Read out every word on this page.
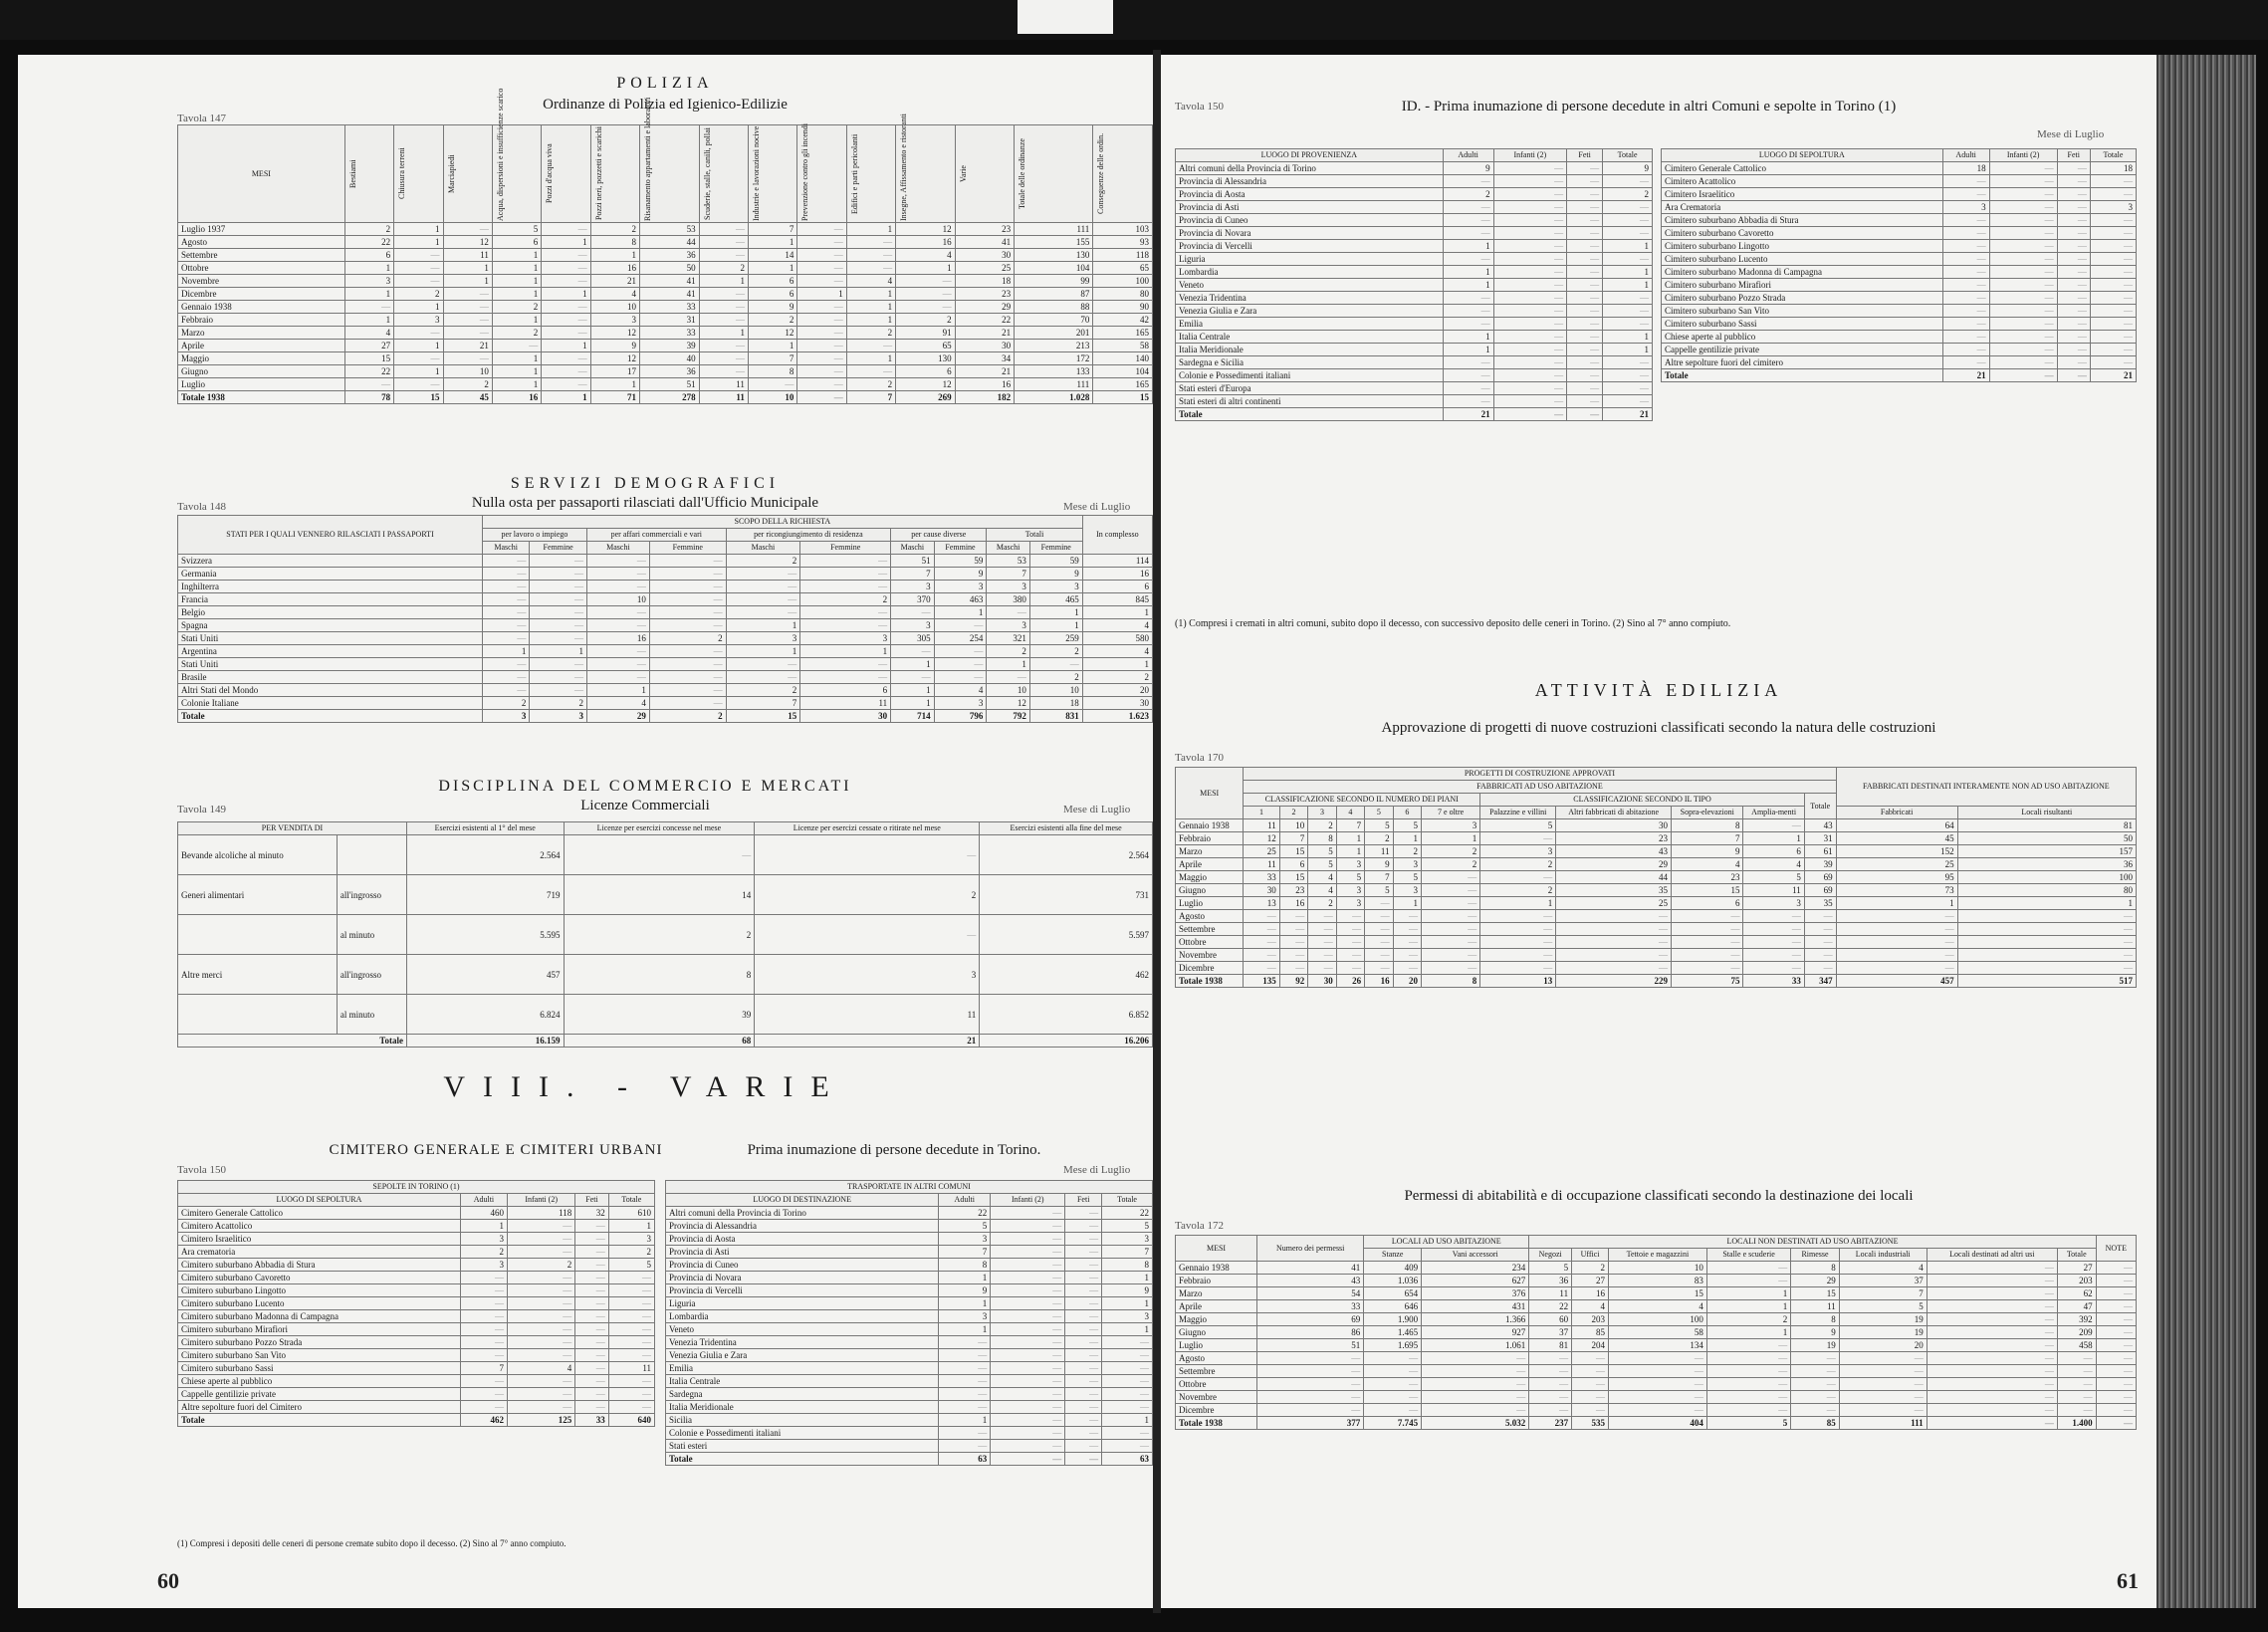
Tavola 147
POLIZIA
Ordinanze di Polizia ed Igienico-Edilizie
MESI	Bestiami	Chiusura terreni	Marciapiedi	Acqua, dispersioni e insufficienze scarico	Pozzi d'acqua viva	Pozzi neri, pozzetti e scarichi	Risanamento appartamenti e laboratori	Scuderie, stalle, canili, pollai	Industrie e lavorazioni nocive	Prevenzione contro gli incendi	Edifici e parti pericolanti	Insegne, Affissamento e ristoranti	Varie	Totale delle ordinanze	Conseguenze delle ordin.

Luglio 1937	2	1	—	5	—	2	53	—	7	—	1	12	23	111	103
Agosto	22	1	12	6	1	8	44	—	1	—	—	16	41	155	93
Settembre	6	—	11	1	—	1	36	—	14	—	—	4	30	130	118
Ottobre	1	—	1	1	—	16	50	2	1	—	—	1	25	104	65
Novembre	3	—	1	1	—	21	41	1	6	—	4	—	18	99	100
Dicembre	1	2	—	1	1	4	41	—	6	1	1	—	23	87	80
Gennaio 1938	—	1	—	2	—	10	33	—	9	—	1	—	29	88	90
Febbraio	1	3	—	1	—	3	31	—	2	—	1	2	22	70	42
Marzo	4	—	—	2	—	12	33	1	12	—	2	91	21	201	165
Aprile	27	1	21	—	1	9	39	—	1	—	—	65	30	213	58
Maggio	15	—	—	1	—	12	40	—	7	—	1	130	34	172	140
Giugno	22	1	10	1	—	17	36	—	8	—	—	6	21	133	104
Luglio	—	—	2	1	—	1	51	11	—	—	2	12	16	111	165
Totale 1938	78	15	45	16	1	71	278	11	10	—	7	269	182	1.028	15
SERVIZI DEMOGRAFICI
Nulla osta per passaporti rilasciati dall'Ufficio Municipale
Tavola 148	Mese di Luglio
STATI PER I QUALI VENNERO RILASCIATI I PASSAPORTI	SCOPO DELLA RICHIESTA										In complesso
	per lavoro o impiego		per affari commerciali e vari		per ricongiungimento di residenza		per cause diverse		Totali		
	Maschi	Femmine	Maschi	Femmine	Maschi	Femmine	Maschi	Femmine	Maschi	Femmine	
Svizzera	—	—	—	—	2	—	51	59	53	59	114
Germania	—	—	—	—	—	—	7	9	7	9	16
Inghilterra	—	—	—	—	—	—	3	3	3	3	6
Francia	—	—	10	—	—	2	370	463	380	465	845
Belgio	—	—	—	—	—	—	—	1	—	1	1
Spagna	—	—	—	—	1	—	3	—	3	1	4
Stati Uniti	—	—	16	2	3	3	305	254	321	259	580
Argentina	1	1	—	—	1	1	—	—	2	2	4
Stati Uniti	—	—	—	—	—	—	1	—	1	—	1
Brasile	—	—	—	—	—	—	—	—	—	2	2
Altri Stati del Mondo	—	—	1	—	2	6	1	4	10	10	20
Colonie Italiane	2	2	4	—	7	11	1	3	12	18	30
Totale	3	3	29	2	15	30	714	796	792	831	1.623
DISCIPLINA DEL COMMERCIO E MERCATI
Licenze Commerciali
Tavola 149	Mese di Luglio
PER VENDITA DI		Esercizi esistenti al 1° del mese	Licenze per esercizi concesse nel mese	Licenze per esercizi cessate o ritirate nel mese	Esercizi esistenti alla fine del mese
Bevande alcoliche al minuto		2.564	—	—	2.564
Generi alimentari	all'ingrosso	719	14	2	731
	al minuto	5.595	2	—	5.597
Altre merci	all'ingrosso	457	8	3	462
	al minuto	6.824	39	11	6.852
Totale		16.159	68	21	16.206
VIII. - VARIE
CIMITERO GENERALE E CIMITERI URBANI	Prima inumazione di persone decedute in Torino.
Tavola 150	Mese di Luglio
SEPOLTE IN TORINO (1)				
LUOGO DI SEPOLTURA	Adulti	Infanti (2)	Feti	Totale
Cimitero Generale Cattolico	460	118	32	610
Cimitero Acattolico	1	—	—	1
Cimitero Israelitico	3	—	—	3
Ara crematoria	2	—	—	2
Cimitero suburbano Abbadia di Stura	3	2	—	5
Cimitero suburbano Cavoretto	—	—	—	—
Cimitero suburbano Lingotto	—	—	—	—
Cimitero suburbano Lucento	—	—	—	—
Cimitero suburbano Madonna di Campagna	—	—	—	—
Cimitero suburbano Mirafiori	—	—	—	—
Cimitero suburbano Pozzo Strada	—	—	—	—
Cimitero suburbano San Vito	—	—	—	—
Cimitero suburbano Sassi	7	4	—	11
Chiese aperte al pubblico	—	—	—	—
Cappelle gentilizie private	—	—	—	—
Altre sepolture fuori del Cimitero	—	—	—	—
Totale	462	125	33	640
TRASPORTATE IN ALTRI COMUNI				
LUOGO DI DESTINAZIONE	Adulti	Infanti (2)	Feti	Totale
Altri comuni della Provincia di Torino	22	—	—	22
Provincia di Alessandria	5	—	—	5
Provincia di Aosta	3	—	—	3
Provincia di Asti	7	—	—	7
Provincia di Cuneo	8	—	—	8
Provincia di Novara	1	—	—	1
Provincia di Vercelli	9	—	—	9
Liguria	1	—	—	1
Lombardia	3	—	—	3
Veneto	1	—	—	1
Venezia Tridentina	—	—	—	—
Venezia Giulia e Zara	—	—	—	—
Emilia	—	—	—	—
Italia Centrale	—	—	—	—
Sardegna	—	—	—	—
Italia Meridionale	—	—	—	—
Sicilia	1	—	—	1
Colonie e Possedimenti italiani	—	—	—	—
Stati esteri	—	—	—	—
Totale	63	—	—	63
(1) Compresi i depositi delle ceneri di persone cremate subito dopo il decesso. (2) Sino al 7° anno compiuto.
60
Tavola 150	ID. - Prima inumazione di persone decedute in altri Comuni e sepolte in Torino (1)
Mese di Luglio
LUOGO DI PROVENIENZA	Adulti	Infanti (2)	Feti	Totale
Altri comuni della Provincia di Torino	9	—	—	9
Provincia di Alessandria	—	—	—	—
Provincia di Aosta	2	—	—	2
Provincia di Asti	—	—	—	—
Provincia di Cuneo	—	—	—	—
Provincia di Novara	—	—	—	—
Provincia di Vercelli	1	—	—	1
Liguria	—	—	—	—
Lombardia	1	—	—	1
Veneto	1	—	—	1
Venezia Tridentina	—	—	—	—
Venezia Giulia e Zara	—	—	—	—
Emilia	—	—	—	—
Italia Centrale	1	—	—	1
Italia Meridionale	1	—	—	1
Sardegna e Sicilia	—	—	—	—
Colonie e Possedimenti italiani	—	—	—	—
Stati esteri d'Europa	—	—	—	—
Stati esteri di altri continenti	—	—	—	—
Totale	21	—	—	21
LUOGO DI SEPOLTURA	Adulti	Infanti (2)	Feti	Totale
Cimitero Generale Cattolico	18	—	—	18
Cimitero Acattolico	—	—	—	—
Cimitero Israelitico	—	—	—	—
Ara Crematoria	3	—	—	3
Cimitero suburbano Abbadia di Stura	—	—	—	—
Cimitero suburbano Cavoretto	—	—	—	—
Cimitero suburbano Lingotto	—	—	—	—
Cimitero suburbano Lucento	—	—	—	—
Cimitero suburbano Madonna di Campagna	—	—	—	—
Cimitero suburbano Mirafiori	—	—	—	—
Cimitero suburbano Pozzo Strada	—	—	—	—
Cimitero suburbano San Vito	—	—	—	—
Cimitero suburbano Sassi	—	—	—	—
Chiese aperte al pubblico	—	—	—	—
Cappelle gentilizie private	—	—	—	—
Altre sepolture fuori del cimitero	—	—	—	—
Totale	21	—	—	21
(1) Compresi i cremati in altri comuni, subito dopo il decesso, con successivo deposito delle ceneri in Torino. (2) Sino al 7° anno compiuto.
ATTIVITÀ EDILIZIA
Approvazione di progetti di nuove costruzioni classificati secondo la natura delle costruzioni
Tavola 170
MESI	PROGETTI DI COSTRUZIONE APPROVATI												FABBRICATI DESTINATI INTERAMENTE NON AD USO ABITAZIONE	
	FABBRICATI AD USO ABITAZIONE													
	CLASSIFICAZIONE SECONDO IL NUMERO DEI PIANI							CLASSIFICAZIONE SECONDO IL TIPO				Totale		
	1	2	3	4	5	6	7 e oltre	Palazzine e villini	Altri fabbricati di abitazione	Sopra-elevazioni	Amplia-menti		Fabbricati	Locali risultanti
Gennaio 1938	11	10	2	7	5	5	3	5	30	8	—	43	64	81
Febbraio	12	7	8	1	2	1	1	—	23	7	1	31	45	50
Marzo	25	15	5	1	11	2	2	3	43	9	6	61	152	157
Aprile	11	6	5	3	9	3	2	2	29	4	4	39	25	36
Maggio	33	15	4	5	7	5	—	—	44	23	5	69	95	100
Giugno	30	23	4	3	5	3	—	2	35	15	11	69	73	80
Luglio	13	16	2	3	—	1	—	1	25	6	3	35	1	1
Agosto	—	—	—	—	—	—	—	—	—	—	—	—	—	—
Settembre	—	—	—	—	—	—	—	—	—	—	—	—	—	—
Ottobre	—	—	—	—	—	—	—	—	—	—	—	—	—	—
Novembre	—	—	—	—	—	—	—	—	—	—	—	—	—	—
Dicembre	—	—	—	—	—	—	—	—	—	—	—	—	—	—
Totale 1938	135	92	30	26	16	20	8	13	229	75	33	347	457	517
Permessi di abitabilità e di occupazione classificati secondo la destinazione dei locali
Tavola 172
MESI	Numero dei permessi	LOCALI AD USO ABITAZIONE		LOCALI NON DESTINATI AD USO ABITAZIONE								NOTE
		Stanze	Vani accessori	Negozi	Uffici	Tettoie e magazzini	Stalle e scuderie	Rimesse	Locali industriali	Locali destinati ad altri usi	Totale	
Gennaio 1938	41	409	234	5	2	10	—	8	4	—	27	—
Febbraio	43	1.036	627	36	27	83	—	29	37	—	203	—
Marzo	54	654	376	11	16	15	1	15	7	—	62	—
Aprile	33	646	431	22	4	4	1	11	5	—	47	—
Maggio	69	1.900	1.366	60	203	100	2	8	19	—	392	—
Giugno	86	1.465	927	37	85	58	1	9	19	—	209	—
Luglio	51	1.695	1.061	81	204	134	—	19	20	—	458	—
Agosto	—	—	—	—	—	—	—	—	—	—	—	—
Settembre	—	—	—	—	—	—	—	—	—	—	—	—
Ottobre	—	—	—	—	—	—	—	—	—	—	—	—
Novembre	—	—	—	—	—	—	—	—	—	—	—	—
Dicembre	—	—	—	—	—	—	—	—	—	—	—	—
Totale 1938	377	7.745	5.032	237	535	404	5	85	111	—	1.400	—
61
